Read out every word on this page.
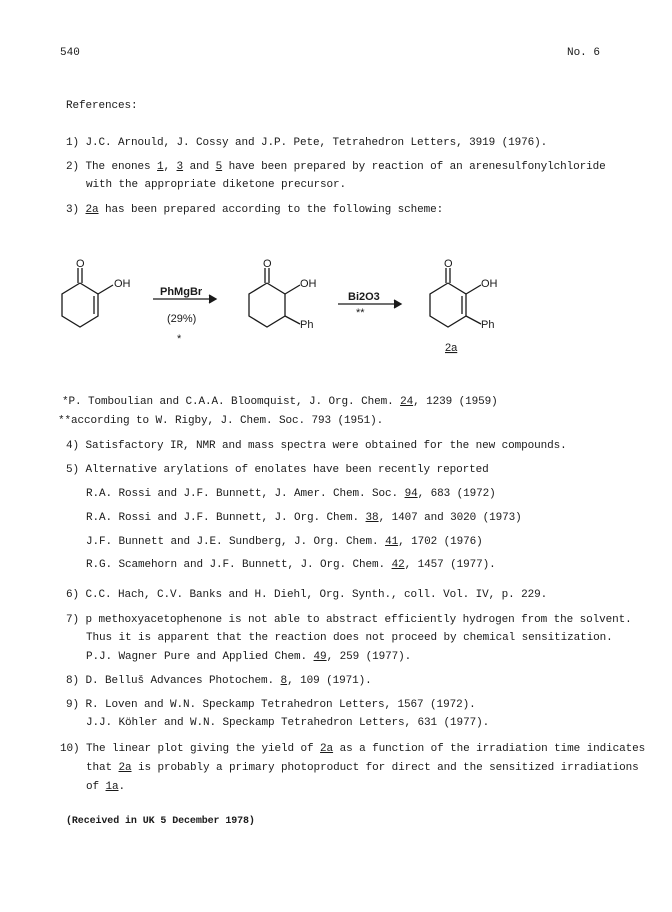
540	No. 6
References:
1) J.C. Arnould, J. Cossy and J.P. Pete, Tetrahedron Letters, 3919 (1976).
2) The enones 1, 3 and 5 have been prepared by reaction of an arenesulfonylchloride
with the appropriate diketone precursor.
3) 2a has been prepared according to the following scheme:
O
OH
PhMgBr
(29%)
*
O
OH
Ph
Bi2O3
**
O
OH
Ph
2a
*P. Tomboulian and C.A.A. Bloomquist, J. Org. Chem. 24, 1239 (1959)
**according to W. Rigby, J. Chem. Soc. 793 (1951).
4) Satisfactory IR, NMR and mass spectra were obtained for the new compounds.
5) Alternative arylations of enolates have been recently reported
R.A. Rossi and J.F. Bunnett, J. Amer. Chem. Soc. 94, 683 (1972)
R.A. Rossi and J.F. Bunnett, J. Org. Chem. 38, 1407 and 3020 (1973)
J.F. Bunnett and J.E. Sundberg, J. Org. Chem. 41, 1702 (1976)
R.G. Scamehorn and J.F. Bunnett, J. Org. Chem. 42, 1457 (1977).
6) C.C. Hach, C.V. Banks and H. Diehl, Org. Synth., coll. Vol. IV, p. 229.
7) p methoxyacetophenone is not able to abstract efficiently hydrogen from the solvent.
Thus it is apparent that the reaction does not proceed by chemical sensitization.
P.J. Wagner Pure and Applied Chem. 49, 259 (1977).
8) D. Belluš Advances Photochem. 8, 109 (1971).
9) R. Loven and W.N. Speckamp Tetrahedron Letters, 1567 (1972).
J.J. Köhler and W.N. Speckamp Tetrahedron Letters, 631 (1977).
10) The linear plot giving the yield of 2a as a function of the irradiation time indicates
that 2a is probably a primary photoproduct for direct and the sensitized irradiations
of 1a.
(Received in UK 5 December 1978)
